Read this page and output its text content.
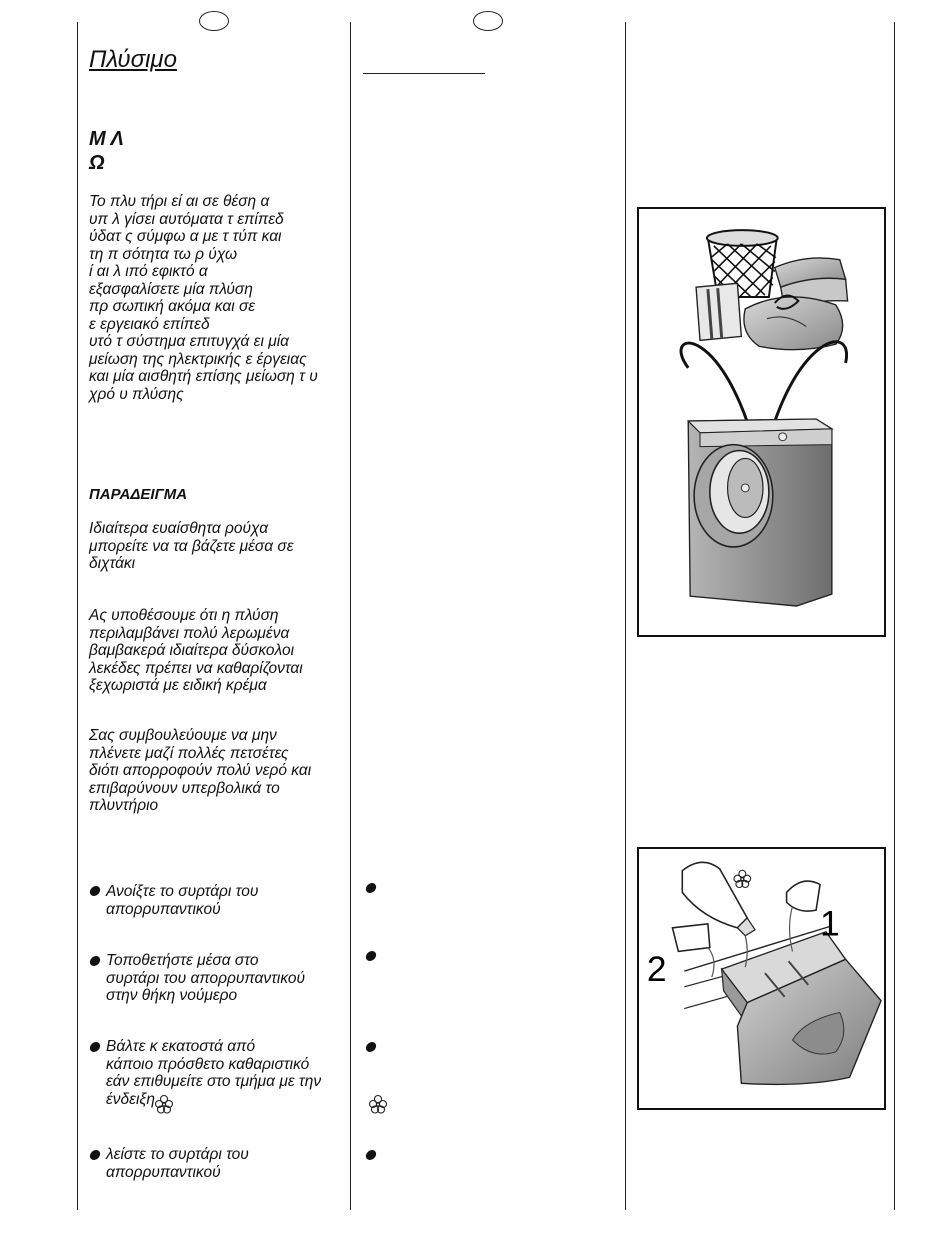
Πλύσιμο
Μ Λ
Ω
Το πλυ τήρι εί αι σε θέση α
υπ λ γίσει αυτόματα τ επίπεδ
ύδατ ς σύμφω α με τ τύπ και
τη π σότητα τω ρ ύχω
ί αι λ ιπό εφικτό α
εξασφαλίσετε μία πλύση
πρ σωπική ακόμα και σε
ε εργειακό επίπεδ
υτό τ σύστημα επιτυγχά ει μία
μείωση της ηλεκτρικής ε έργειας
και μία αισθητή επίσης μείωση τ υ
χρό υ πλύσης
ΠΑΡΑΔΕΙΓΜΑ
Ιδιαίτερα ευαίσθητα ρούχα
μπορείτε να τα βάζετε μέσα σε
διχτάκι
Ας υποθέσουμε ότι η πλύση
περιλαμβάνει πολύ λερωμένα
βαμβακερά ιδιαίτερα δύσκολοι
λεκέδες πρέπει να καθαρίζονται
ξεχωριστά με ειδική κρέμα
Σας συμβουλεύουμε να μην
πλένετε μαζί πολλές πετσέτες
διότι απορροφούν πολύ νερό και
επιβαρύνουν υπερβολικά το
πλυντήριο
Ανοίξτε το συρτάρι του
απορρυπαντικού
Τοποθετήστε μέσα στο
συρτάρι του απορρυπαντικού
στην θήκη νούμερο
Βάλτε κ εκατοστά από
κάποιο πρόσθετο καθαριστικό
εάν επιθυμείτε στο τμήμα με την
ένδειξη
λείστε το συρτάρι του
απορρυπαντικού
1
2
